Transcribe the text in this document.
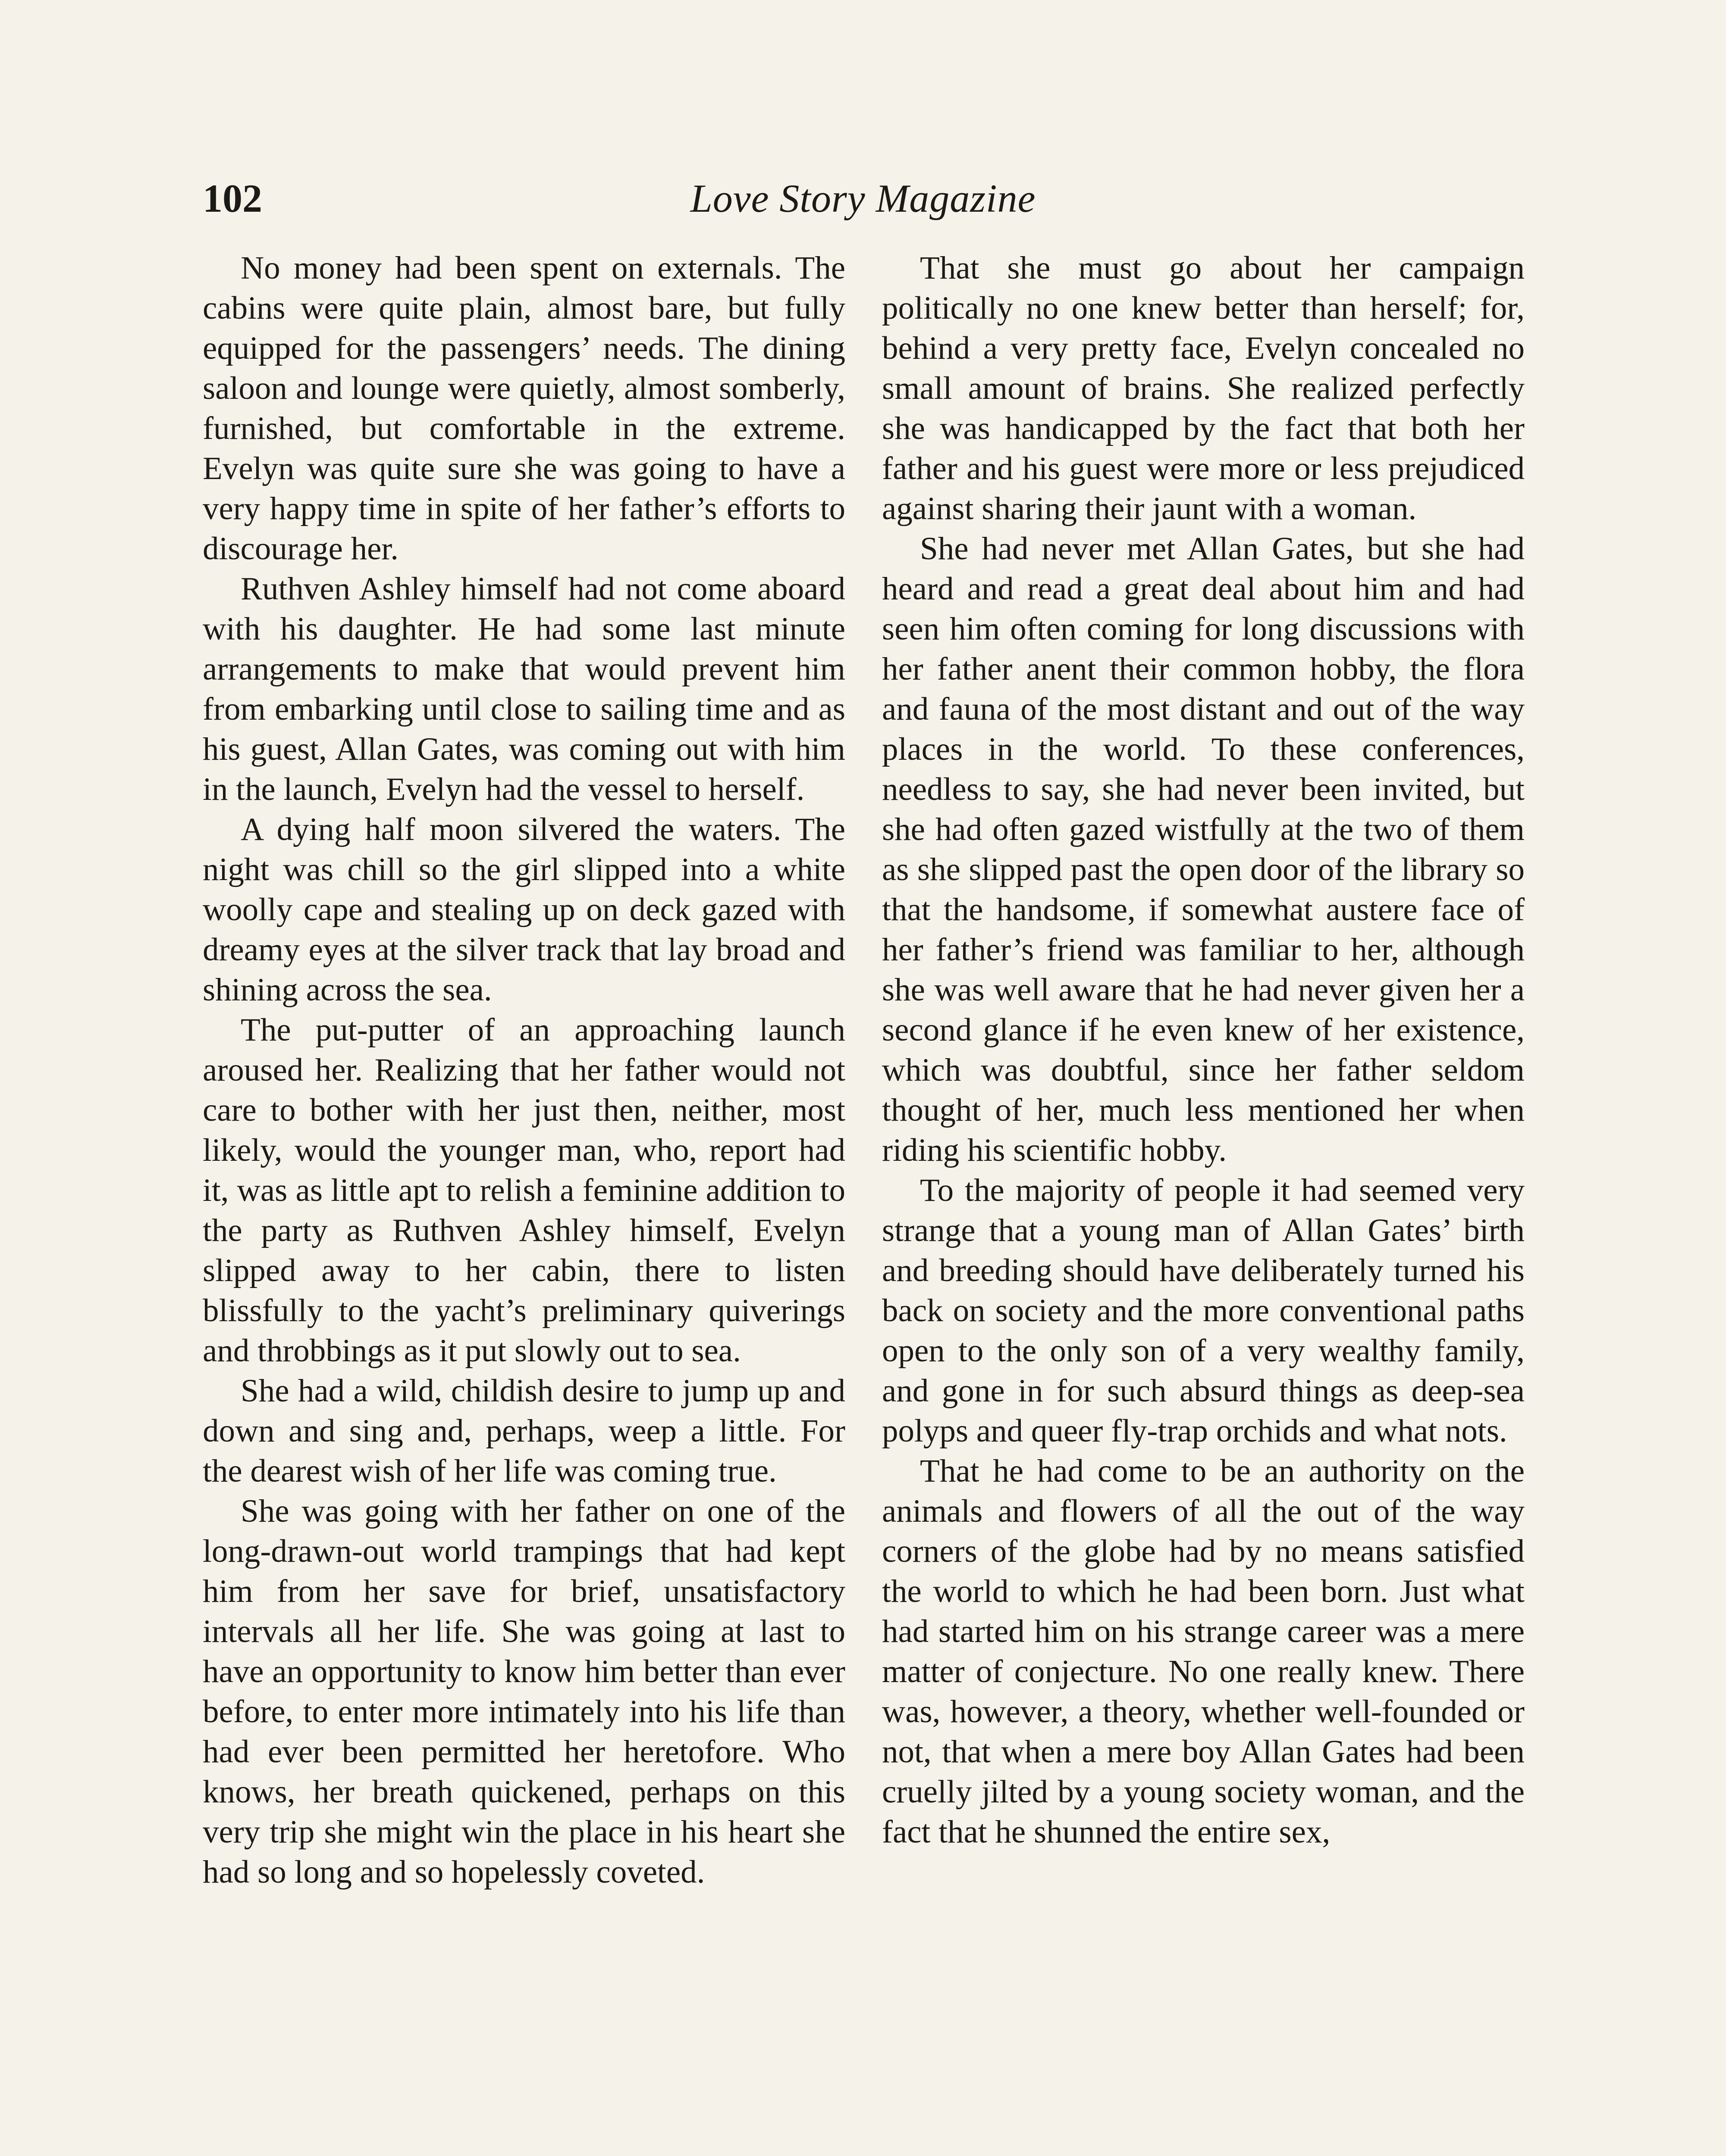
102	Love Story Magazine

No money had been spent on externals. The cabins were quite plain, almost bare, but fully equipped for the passengers’ needs. The dining saloon and lounge were quietly, almost somberly, furnished, but comfortable in the extreme. Evelyn was quite sure she was going to have a very happy time in spite of her father’s efforts to discourage her.

Ruthven Ashley himself had not come aboard with his daughter. He had some last minute arrangements to make that would prevent him from embarking until close to sailing time and as his guest, Allan Gates, was coming out with him in the launch, Evelyn had the vessel to herself.

A dying half moon silvered the waters. The night was chill so the girl slipped into a white woolly cape and stealing up on deck gazed with dreamy eyes at the silver track that lay broad and shining across the sea.

The put-putter of an approaching launch aroused her. Realizing that her father would not care to bother with her just then, neither, most likely, would the younger man, who, report had it, was as little apt to relish a feminine addition to the party as Ruthven Ashley himself, Evelyn slipped away to her cabin, there to listen blissfully to the yacht’s preliminary quiverings and throbbings as it put slowly out to sea.

She had a wild, childish desire to jump up and down and sing and, perhaps, weep a little. For the dearest wish of her life was coming true.

She was going with her father on one of the long-drawn-out world trampings that had kept him from her save for brief, unsatisfactory intervals all her life. She was going at last to have an opportunity to know him better than ever before, to enter more intimately into his life than had ever been permitted her heretofore. Who knows, her breath quickened, perhaps on this very trip she might win the place in his heart she had so long and so hopelessly coveted.

That she must go about her campaign politically no one knew better than herself; for, behind a very pretty face, Evelyn concealed no small amount of brains. She realized perfectly she was handicapped by the fact that both her father and his guest were more or less prejudiced against sharing their jaunt with a woman.

She had never met Allan Gates, but she had heard and read a great deal about him and had seen him often coming for long discussions with her father anent their common hobby, the flora and fauna of the most distant and out of the way places in the world. To these conferences, needless to say, she had never been invited, but she had often gazed wistfully at the two of them as she slipped past the open door of the library so that the handsome, if somewhat austere face of her father’s friend was familiar to her, although she was well aware that he had never given her a second glance if he even knew of her existence, which was doubtful, since her father seldom thought of her, much less mentioned her when riding his scientific hobby.

To the majority of people it had seemed very strange that a young man of Allan Gates’ birth and breeding should have deliberately turned his back on society and the more conventional paths open to the only son of a very wealthy family, and gone in for such absurd things as deep-sea polyps and queer fly-trap orchids and what nots.

That he had come to be an authority on the animals and flowers of all the out of the way corners of the globe had by no means satisfied the world to which he had been born. Just what had started him on his strange career was a mere matter of conjecture. No one really knew. There was, however, a theory, whether well-founded or not, that when a mere boy Allan Gates had been cruelly jilted by a young society woman, and the fact that he shunned the entire sex,
